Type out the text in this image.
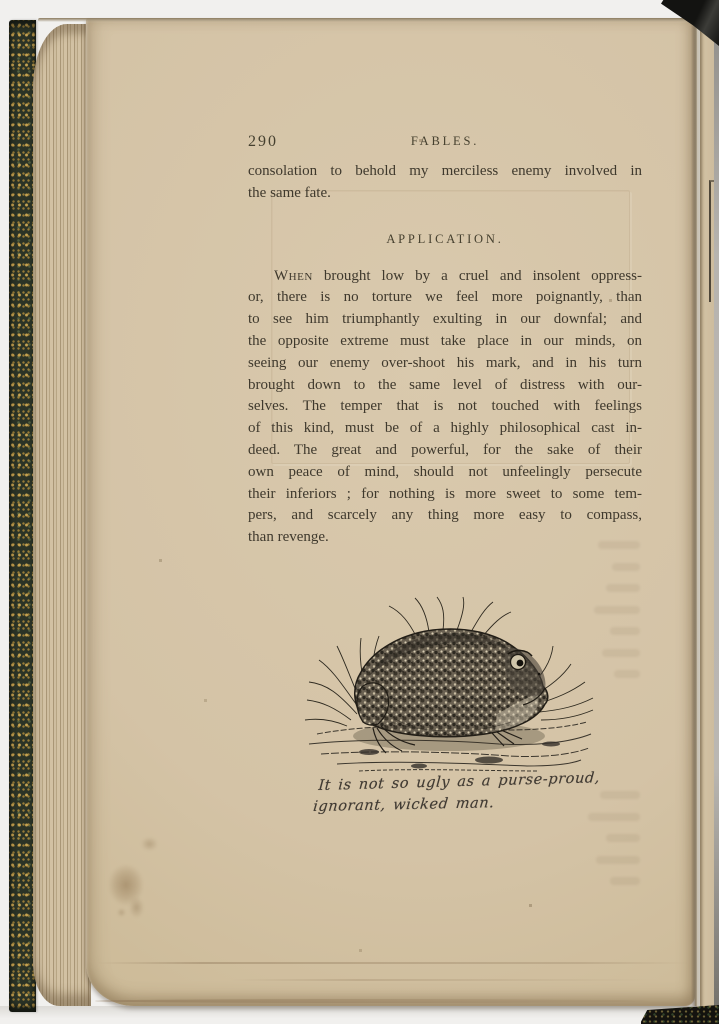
290	FABLES.
consolation to behold my merciless enemy involved in
the same fate.
APPLICATION.
When brought low by a cruel and insolent oppress-
or, there is no torture we feel more poignantly, than
to see him triumphantly exulting in our downfal; and
the opposite extreme must take place in our minds, on
seeing our enemy over-shoot his mark, and in his turn
brought down to the same level of distress with our-
selves. The temper that is not touched with feelings
of this kind, must be of a highly philosophical cast in-
deed. The great and powerful, for the sake of their
own peace of mind, should not unfeelingly persecute
their inferiors ; for nothing is more sweet to some tem-
pers, and scarcely any thing more easy to compass,
than revenge.
It is not so ugly as a purse-proud,
ignorant, wicked man.
